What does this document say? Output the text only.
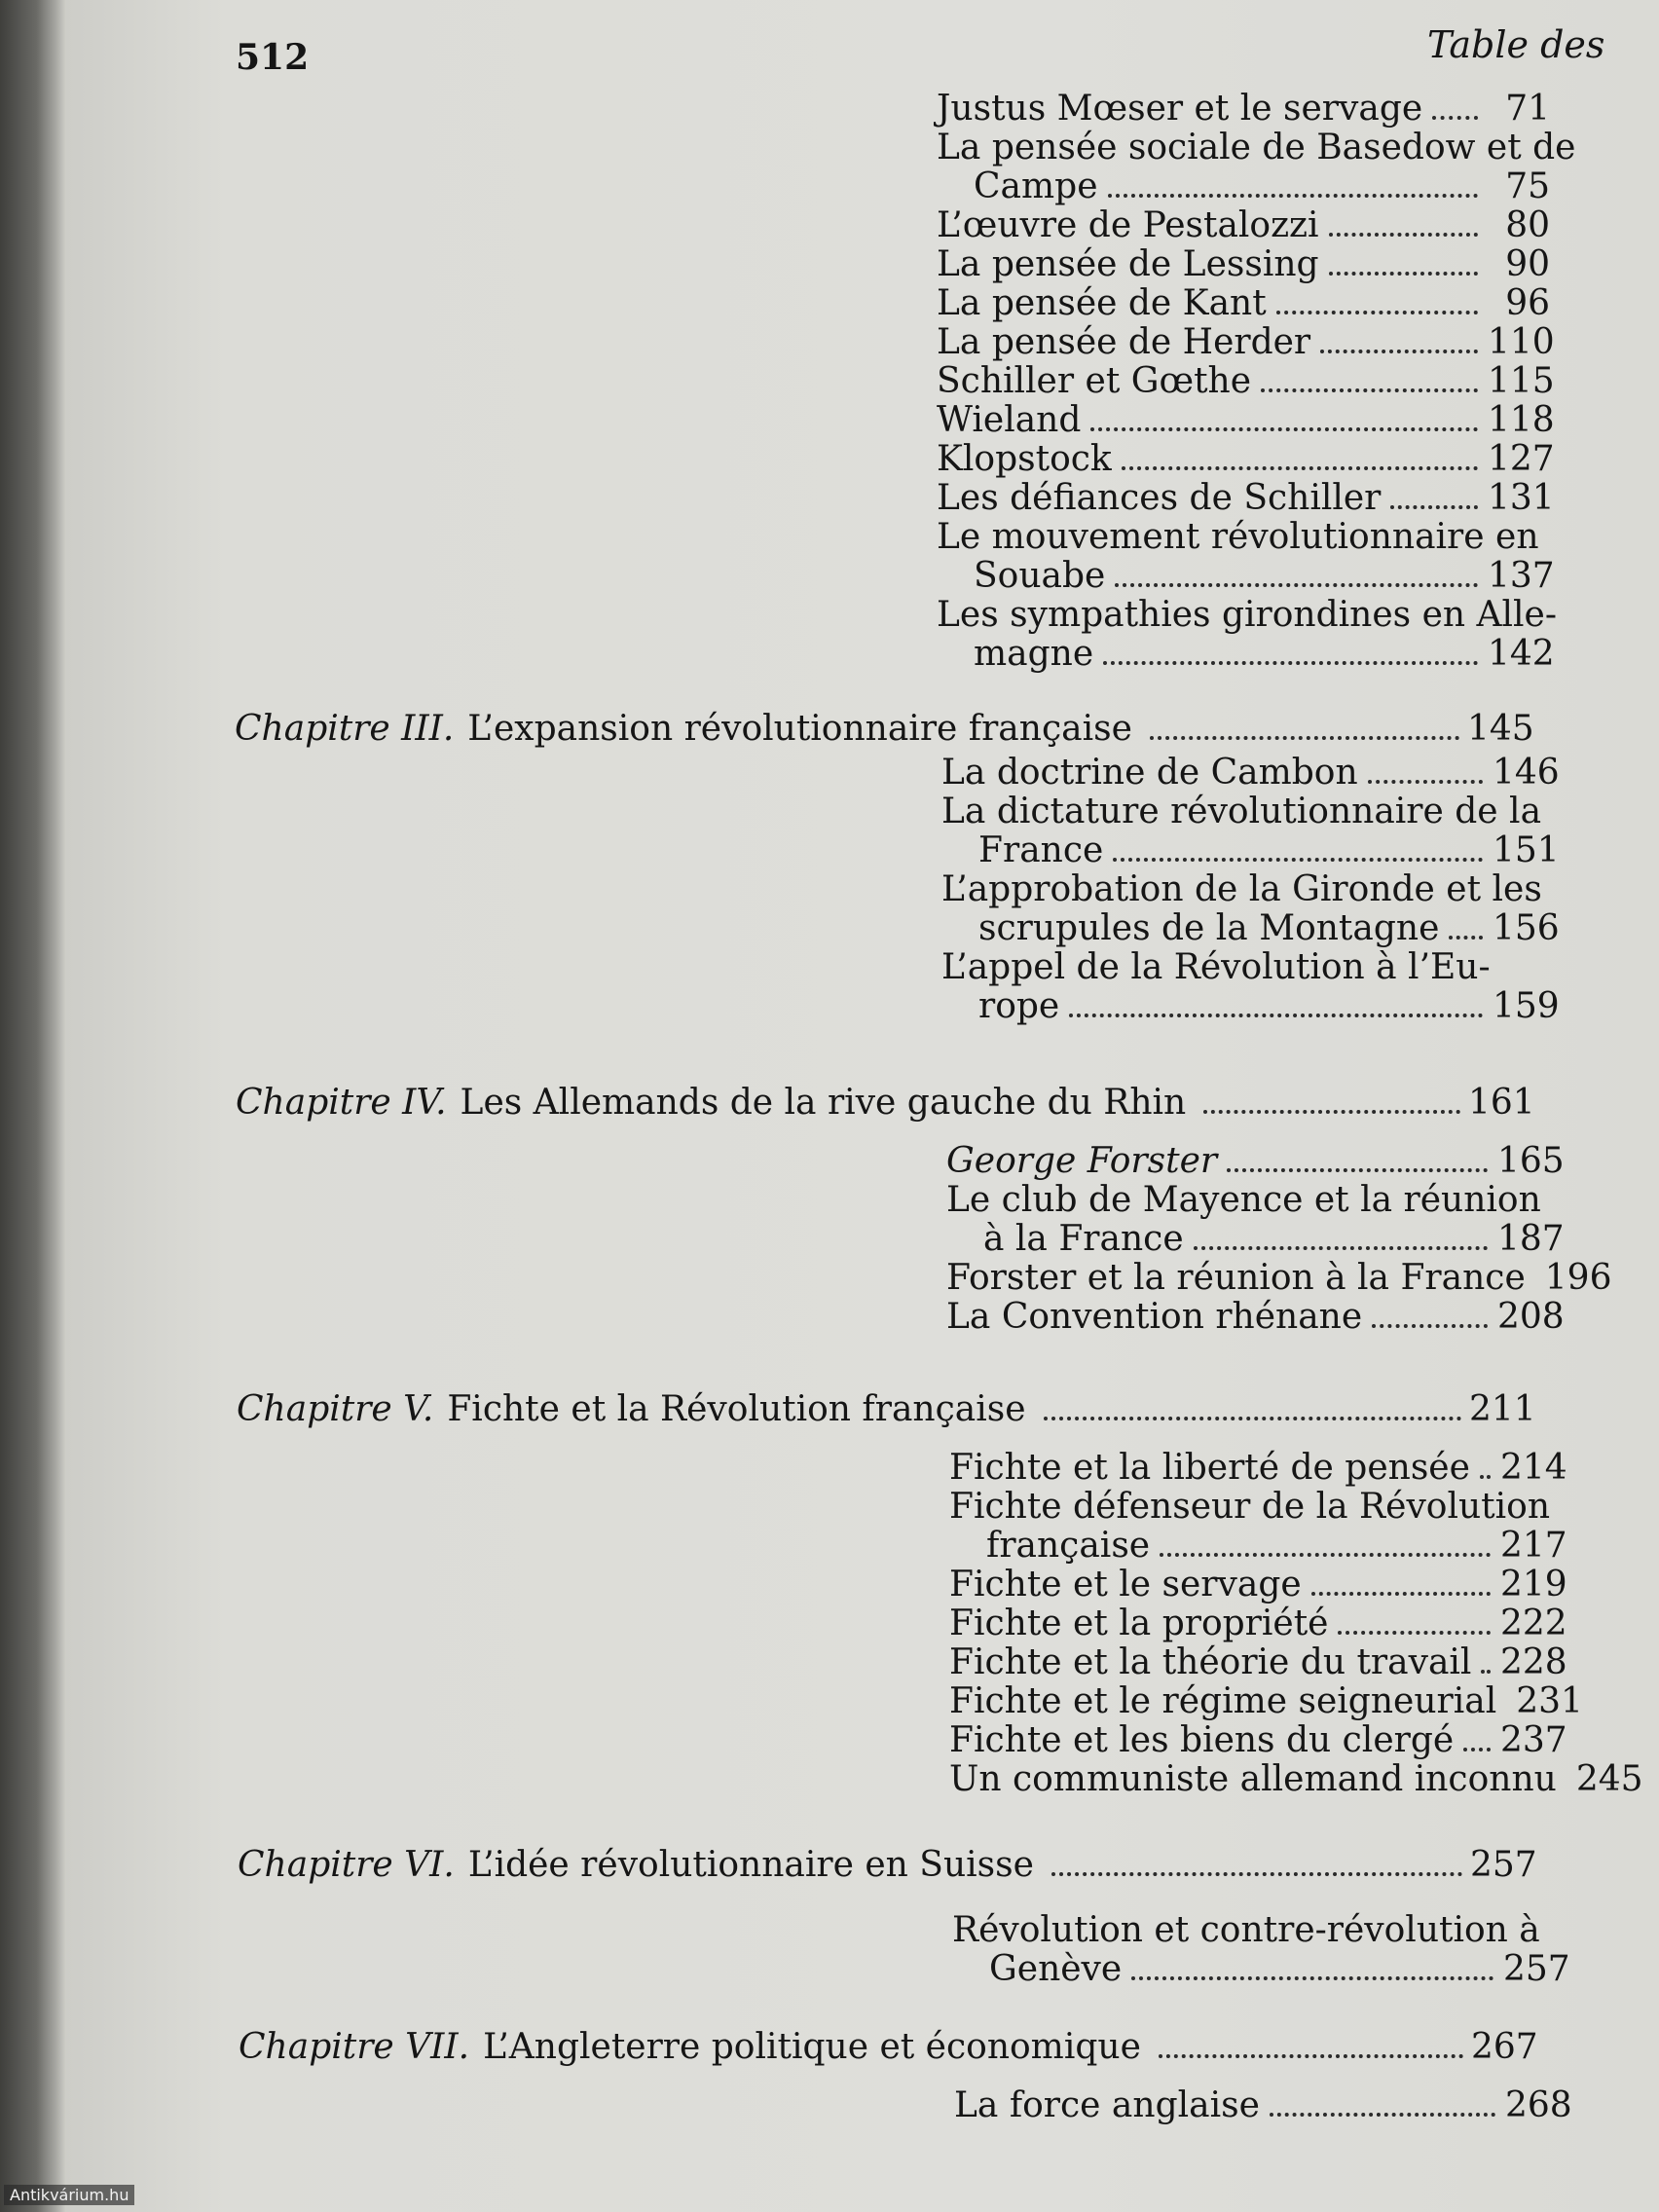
512	Table des

Justus Mœser et le servage	71
La pensée sociale de Basedow et de
Campe	75
L’œuvre de Pestalozzi	80
La pensée de Lessing	90
La pensée de Kant	96
La pensée de Herder	110
Schiller et Gœthe	115
Wieland	118
Klopstock	127
Les défiances de Schiller	131
Le mouvement révolutionnaire en
Souabe	137
Les sympathies girondines en Alle-
magne	142
Chapitre III. L’expansion révolutionnaire française	145
La doctrine de Cambon	146
La dictature révolutionnaire de la
France	151
L’approbation de la Gironde et les
scrupules de la Montagne 156
L’appel de la Révolution à l’Eu-
rope	159
Chapitre IV. Les Allemands de la rive gauche du Rhin	161
George Forster	165
Le club de Mayence et la réunion
à la France	187
Forster et la réunion à la France 196
La Convention rhénane	208
Chapitre V. Fichte et la Révolution française	211
Fichte et la liberté de pensée 214
Fichte défenseur de la Révolution
française	217
Fichte et le servage	219
Fichte et la propriété	222
Fichte et la théorie du travail 228
Fichte et le régime seigneurial 231
Fichte et les biens du clergé 237
Un communiste allemand inconnu 245
Chapitre VI. L’idée révolutionnaire en Suisse	257
Révolution et contre-révolution à
Genève	257
Chapitre VII. L’Angleterre politique et économique	267
La force anglaise	268

Antikvárium.hu
